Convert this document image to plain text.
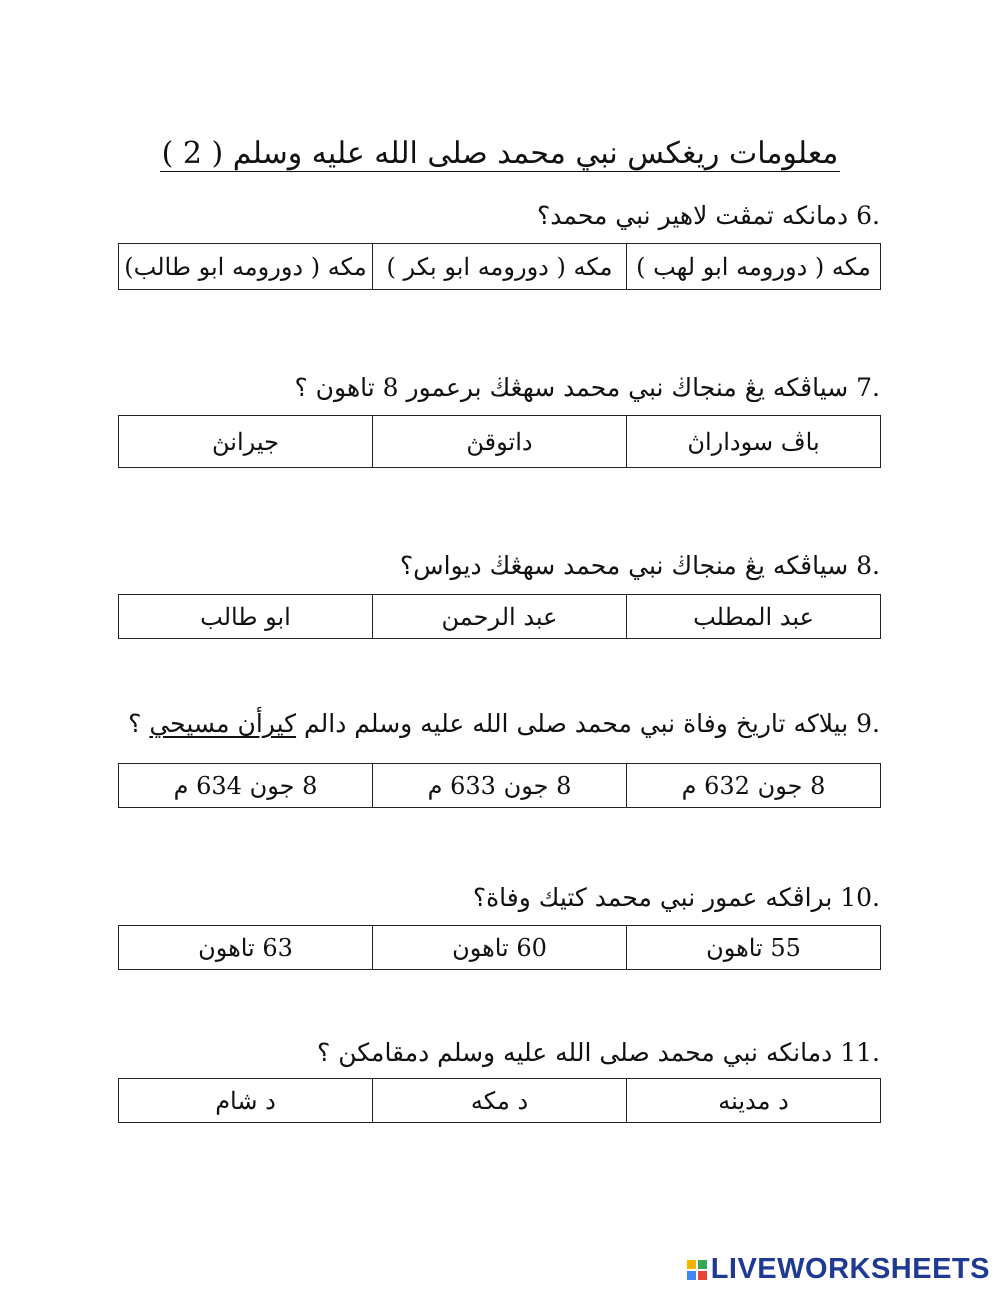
معلومات ريغكس نبي محمد صلى الله عليه وسلم ( 2 )
6. دمانكه تمڤت لاهير نبي محمد؟
مكه ( دورومه ابو لهب )	مكه ( دورومه ابو بكر )	مكه ( دورومه ابو طالب)
7. سياڤكه يڠ منجاڬ نبي محمد سهڠڬ برعمور 8 تاهون ؟
باڤ سوداراڽ	داتوقڽ	جيرانڽ
8. سياڤكه يڠ منجاڬ نبي محمد سهڠڬ ديواس؟
عبد المطلب	عبد الرحمن	ابو طالب
9. بيلاكه تاريخ وفاة نبي محمد صلى الله عليه وسلم دالم كيرأن مسيحي ؟
8 جون 632 م	8 جون 633 م	8 جون 634 م
10. براڤكه عمور نبي محمد كتيك وفاة؟
55 تاهون	60 تاهون	63 تاهون
11. دمانكه نبي محمد صلى الله عليه وسلم دمقامكن ؟
د مدينه	د مكه	د شام
LIVEWORKSHEETS
